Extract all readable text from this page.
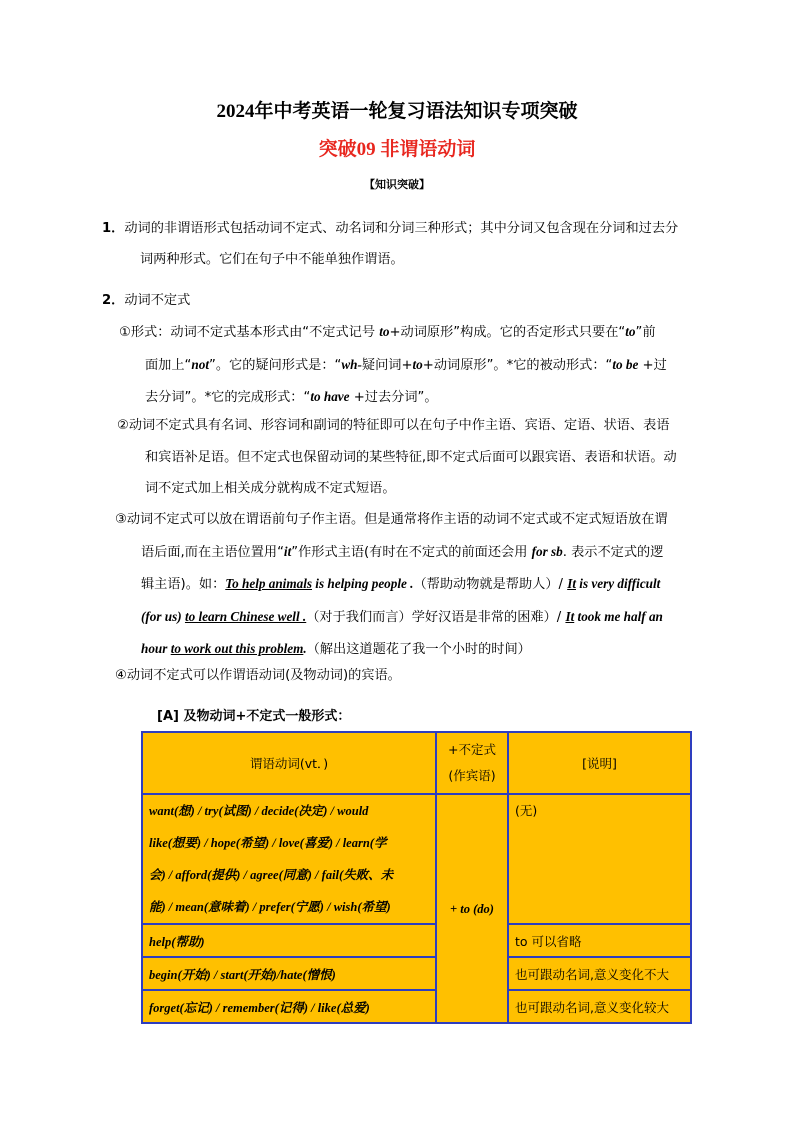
2024年中考英语一轮复习语法知识专项突破
突破09 非谓语动词
【知识突破】
1．动词的非谓语形式包括动词不定式、动名词和分词三种形式；其中分词又包含现在分词和过去分

词两种形式。它们在句子中不能单独作谓语。
2．动词不定式
①形式：动词不定式基本形式由“不定式记号 to+动词原形”构成。它的否定形式只要在“to”前
面加上“not”。它的疑问形式是：“wh-疑问词+to+动词原形”。*它的被动形式：“to be +过
去分词”。*它的完成形式：“to have +过去分词”。
②动词不定式具有名词、形容词和副词的特征即可以在句子中作主语、宾语、定语、状语、表语
和宾语补足语。但不定式也保留动词的某些特征,即不定式后面可以跟宾语、表语和状语。动
词不定式加上相关成分就构成不定式短语。
③动词不定式可以放在谓语前句子作主语。但是通常将作主语的动词不定式或不定式短语放在谓
语后面,而在主语位置用“it”作形式主语(有时在不定式的前面还会用 for sb. 表示不定式的逻
辑主语)。如：To help animals is helping people .（帮助动物就是帮助人）/ It is very difficult
(for us) to learn Chinese well .（对于我们而言）学好汉语是非常的困难）/ It took me half an
hour to work out this problem.（解出这道题花了我一个小时的时间）
④动词不定式可以作谓语动词(及物动词)的宾语。
[A] 及物动词+不定式一般形式：
谓语动词(vt．)	+不定式
(作宾语)	[说明]
want(想) / try(试图) / decide(决定) / would
like(想要) / hope(希望) / love(喜爱) / learn(学
会) / afford(提供) / agree(同意) / fail(失败、未
能) / mean(意味着) / prefer(宁愿) / wish(希望)	+ to (do)	(无)
help(帮助)		to 可以省略
begin(开始) / start(开始)/hate(憎恨)		也可跟动名词,意义变化不大
forget(忘记) / remember(记得) / like(总爱)		也可跟动名词,意义变化较大
